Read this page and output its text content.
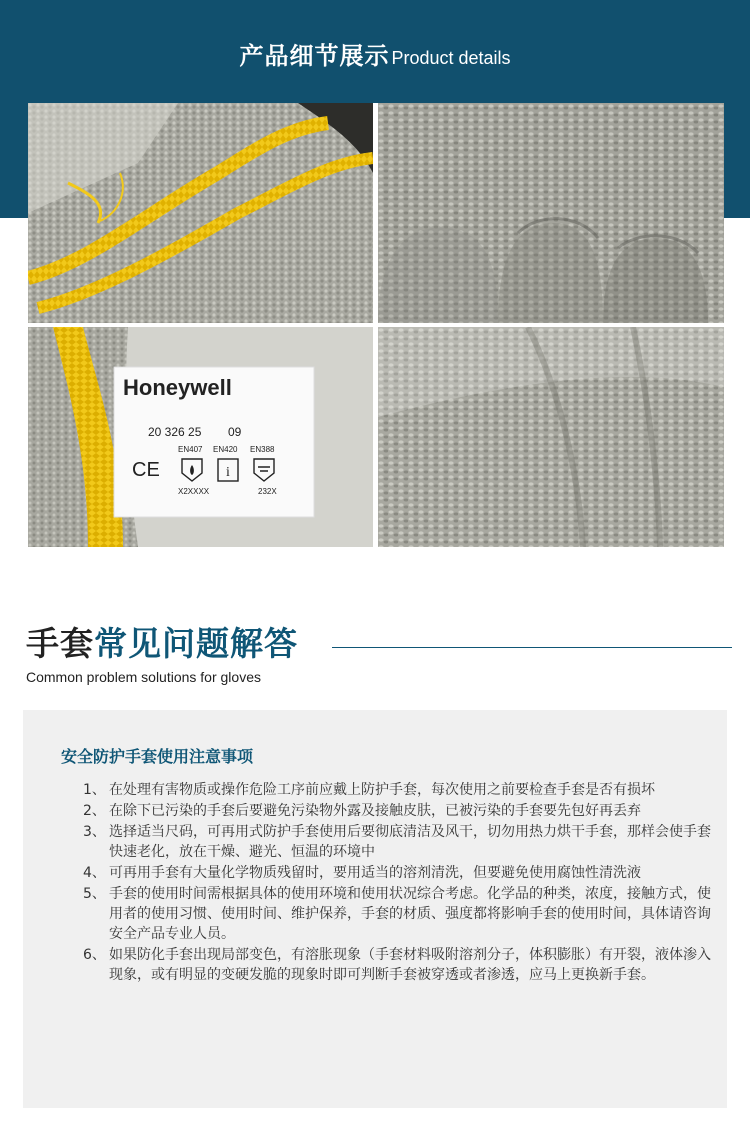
产品细节展示 Product details
Honeywell
20 326 25 09
EN407 EN420 EN388
CE	i
X2XXXX	232X
手套常见问题解答
Common problem solutions for gloves
安全防护手套使用注意事项
1、 在处理有害物质或操作危险工序前应戴上防护手套，每次使用之前要检查手套是否有损坏
2、 在除下已污染的手套后要避免污染物外露及接触皮肤，已被污染的手套要先包好再丢弃
3、 选择适当尺码，可再用式防护手套使用后要彻底清洁及风干，切勿用热力烘干手套，那样会使手套快速老化，放在干燥、避光、恒温的环境中
4、 可再用手套有大量化学物质残留时，要用适当的溶剂清洗，但要避免使用腐蚀性清洗液
5、 手套的使用时间需根据具体的使用环境和使用状况综合考虑。化学品的种类，浓度，接触方式，使用者的使用习惯、使用时间、维护保养，手套的材质、强度都将影响手套的使用时间，具体请咨询安全产品专业人员。
6、 如果防化手套出现局部变色，有溶胀现象（手套材料吸附溶剂分子，体积膨胀）有开裂，液体渗入现象，或有明显的变硬发脆的现象时即可判断手套被穿透或者渗透，应马上更换新手套。
